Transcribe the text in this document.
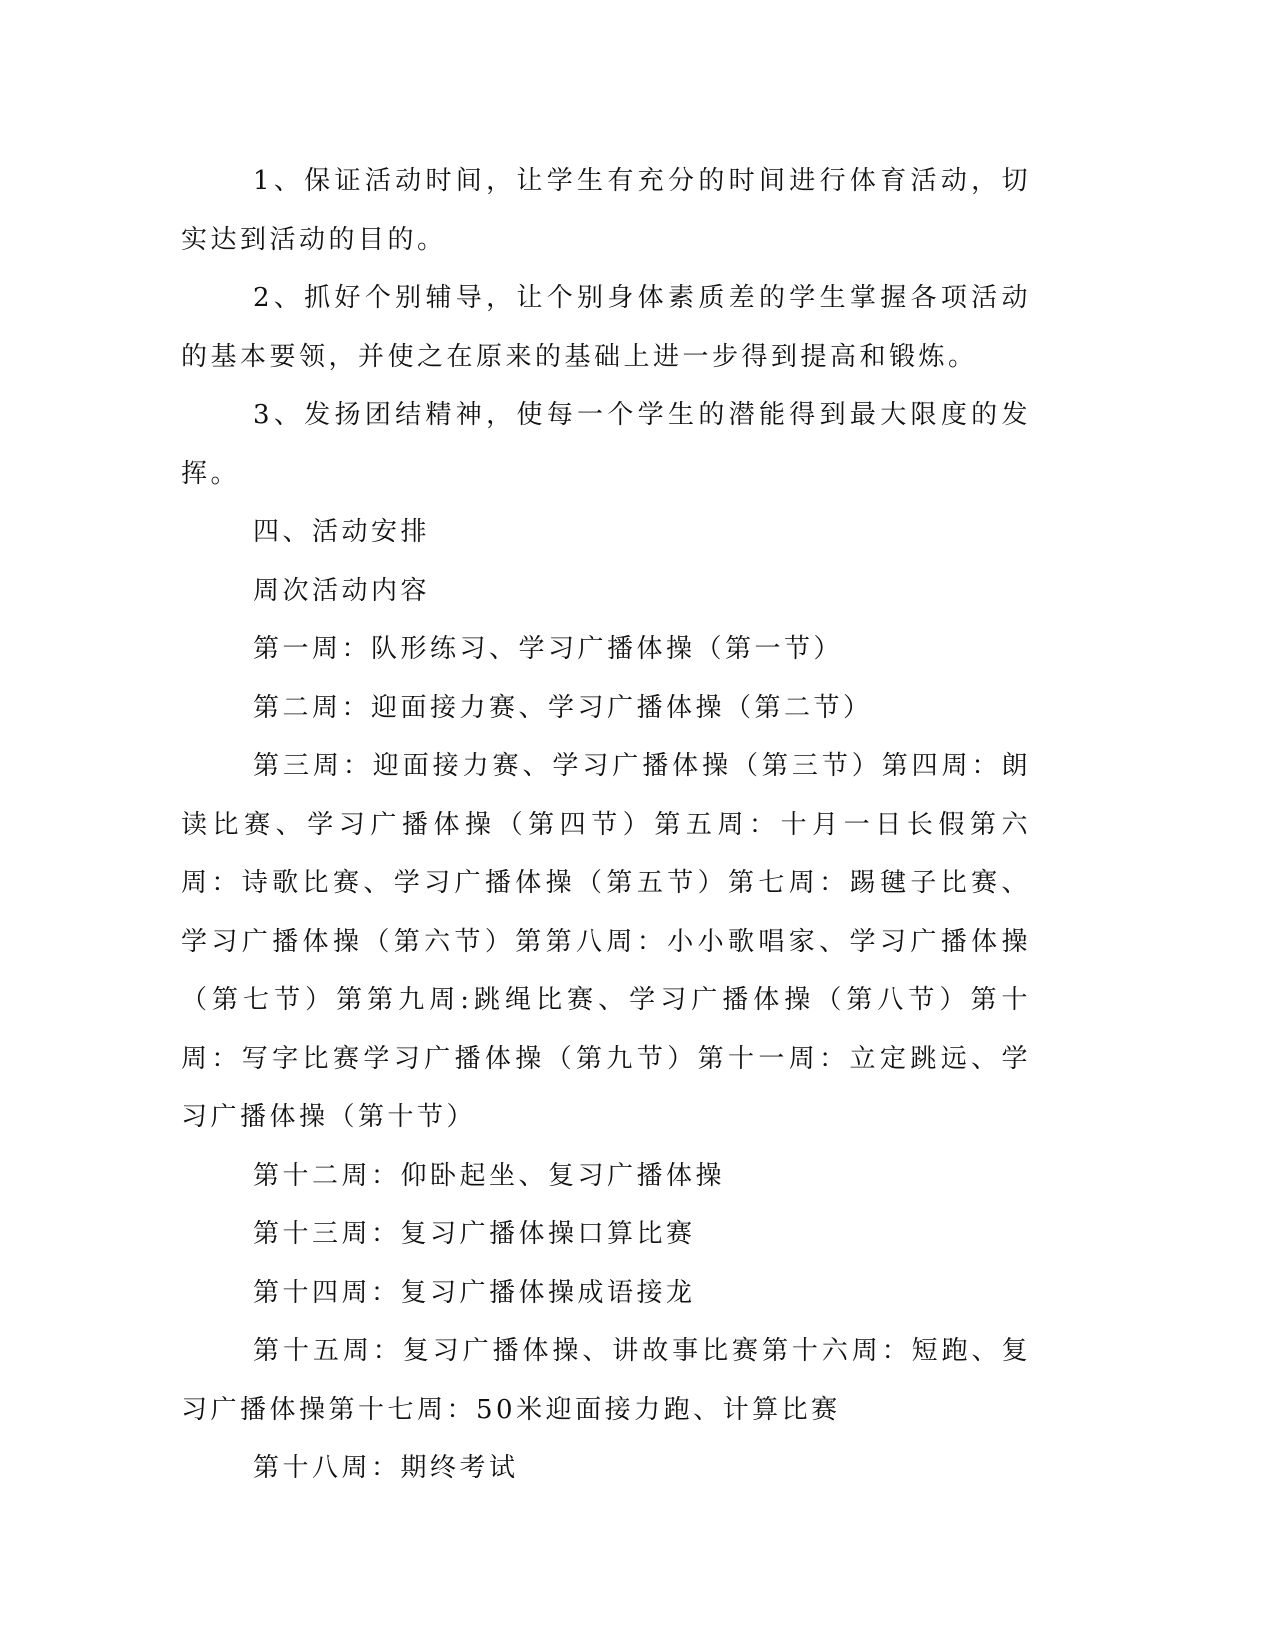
1、保证活动时间，让学生有充分的时间进行体育活动，切实达到活动的目的。

2、抓好个别辅导，让个别身体素质差的学生掌握各项活动的基本要领，并使之在原来的基础上进一步得到提高和锻炼。

3、发扬团结精神，使每一个学生的潜能得到最大限度的发挥。

四、活动安排

周次活动内容

第一周：队形练习、学习广播体操（第一节）

第二周：迎面接力赛、学习广播体操（第二节）

第三周：迎面接力赛、学习广播体操（第三节）第四周：朗读比赛、学习广播体操（第四节）第五周：十月一日长假第六周：诗歌比赛、学习广播体操（第五节）第七周：踢毽子比赛、学习广播体操（第六节）第第八周：小小歌唱家、学习广播体操（第七节）第第九周:跳绳比赛、学习广播体操（第八节）第十周：写字比赛学习广播体操（第九节）第十一周：立定跳远、学习广播体操（第十节）

第十二周：仰卧起坐、复习广播体操

第十三周：复习广播体操口算比赛

第十四周：复习广播体操成语接龙

第十五周：复习广播体操、讲故事比赛第十六周：短跑、复习广播体操第十七周：50米迎面接力跑、计算比赛

第十八周：期终考试
